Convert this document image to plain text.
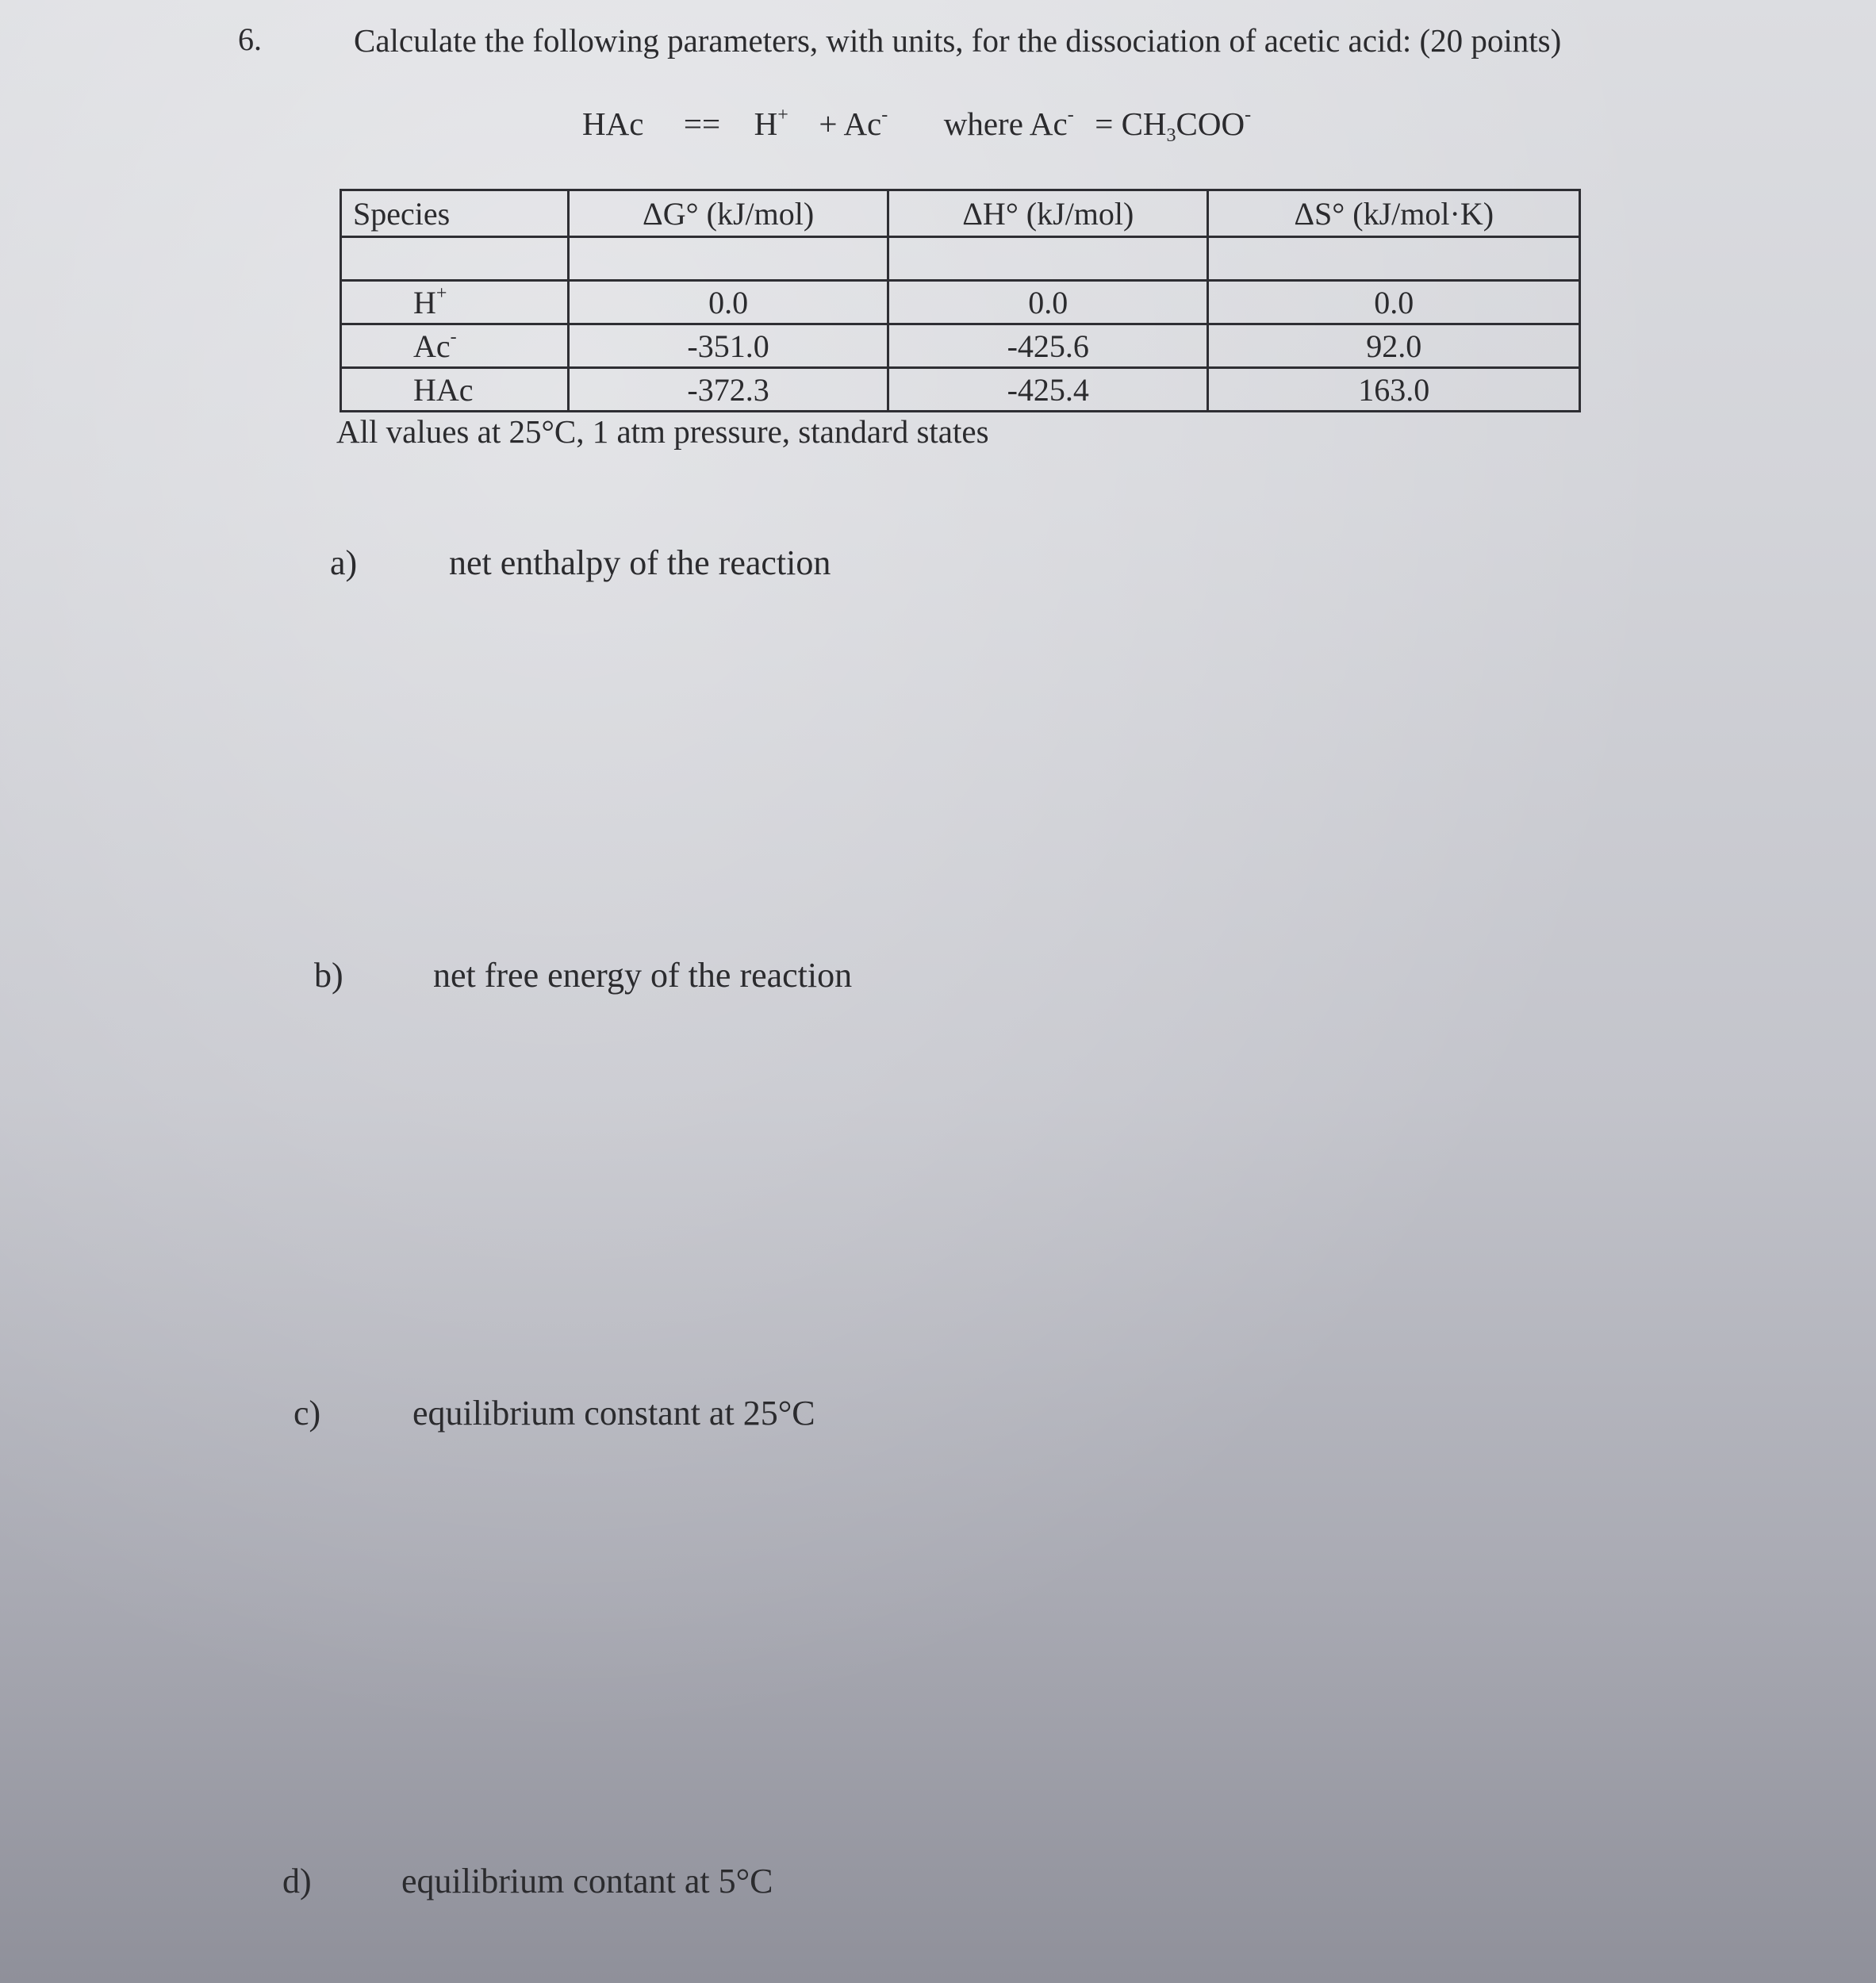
6.	Calculate the following parameters, with units, for the dissociation of acetic acid: (20 points)
HAc == H+ + Ac- where $Ac^- = CH_3COO^-$
Species	ΔG° (kJ/mol)	ΔH° (kJ/mol)	ΔS° (kJ/mol·K)

H+	0.0	0.0	0.0
Ac-	-351.0	-425.6	92.0
HAc	-372.3	-425.4	163.0
All values at 25°C, 1 atm pressure, standard states
a)	net enthalpy of the reaction
b)	net free energy of the reaction
c)	equilibrium constant at 25°C
d)	equilibrium contant at 5°C
